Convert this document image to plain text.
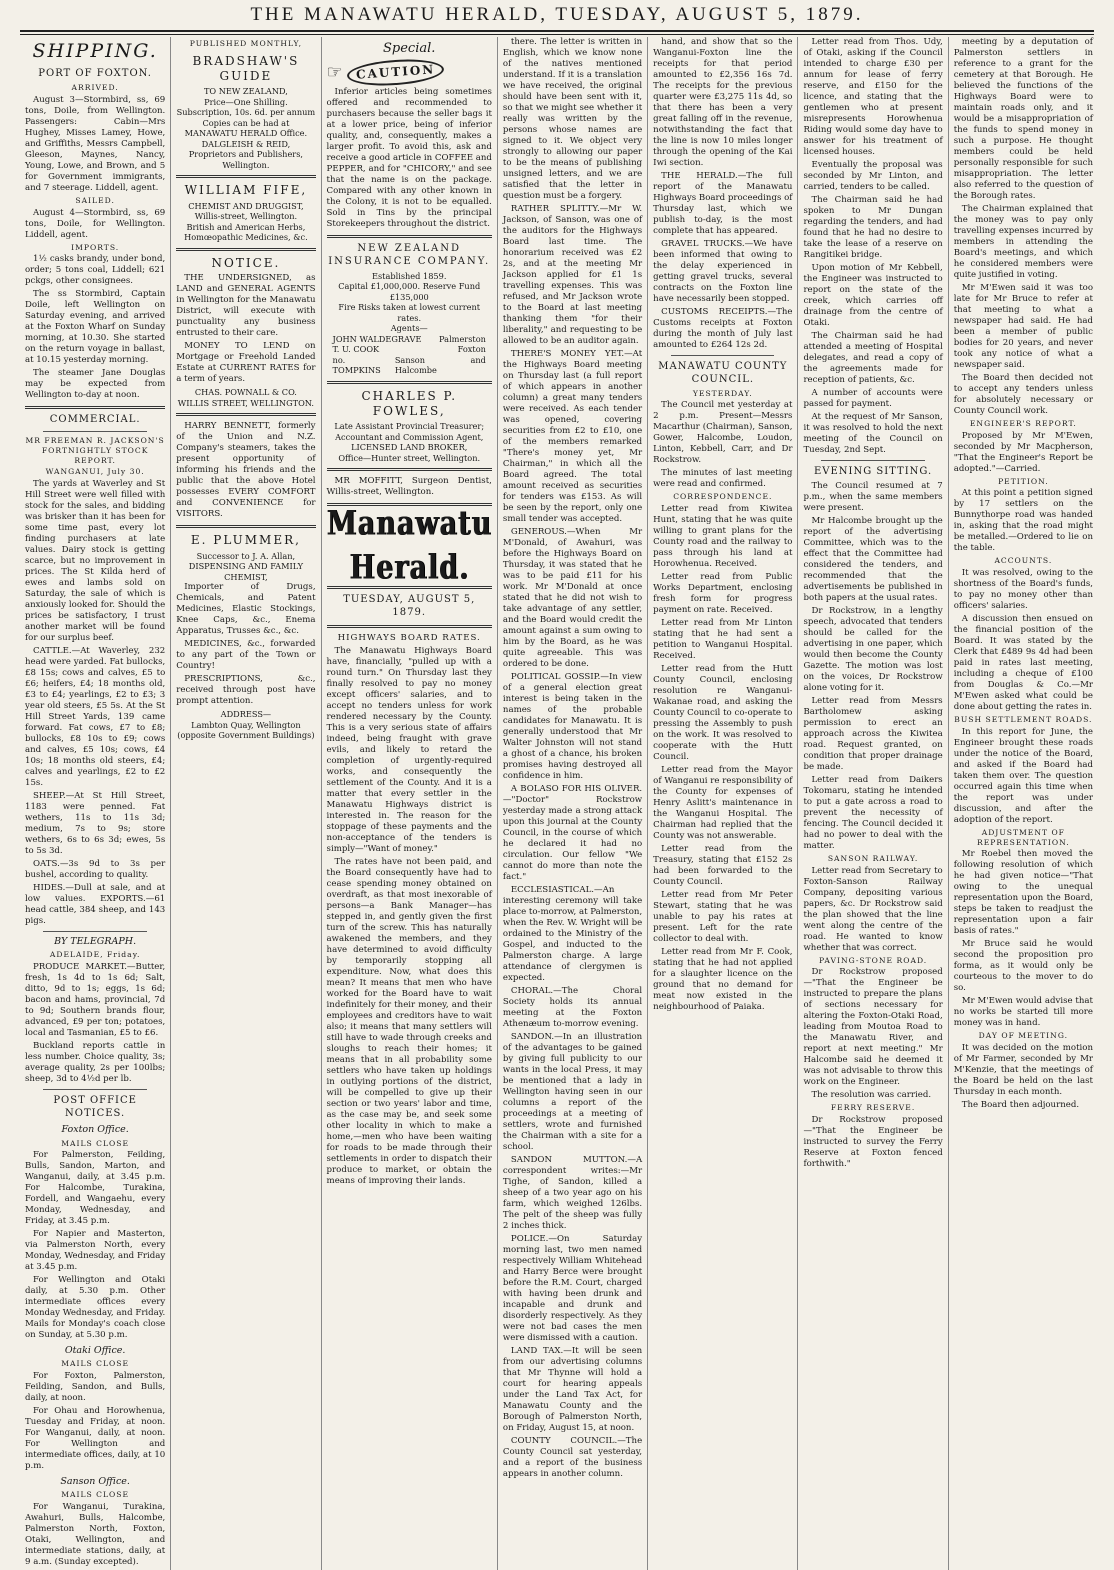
THE MANAWATU HERALD, TUESDAY, AUGUST 5, 1879.
SHIPPING.
PORT OF FOXTON.
ARRIVED.

August 3—Stormbird, ss, 69 tons, Doile, from Wellington. Passengers: Cabin—Mrs Hughey, Misses Lamey, Howe, and Griffiths, Messrs Campbell, Gleeson, Maynes, Nancy, Young, Lowe, and Brown, and 5 for Government immigrants, and 7 steerage. Liddell, agent.

SAILED.

August 4—Stormbird, ss, 69 tons, Doile, for Wellington. Liddell, agent.

IMPORTS.

1½ casks brandy, under bond, order; 5 tons coal, Liddell; 621 pckgs, other consignees.

The ss Stormbird, Captain Doile, left Wellington on Saturday evening, and arrived at the Foxton Wharf on Sunday morning, at 10.30. She started on the return voyage in ballast, at 10.15 yesterday morning.

The steamer Jane Douglas may be expected from Wellington to-day at noon.

COMMERCIAL.
MR FREEMAN R. JACKSON'S FORTNIGHTLY STOCK REPORT.
WANGANUI, July 30.

The yards at Waverley and St Hill Street were well filled with stock for the sales, and bidding was brisker than it has been for some time past, every lot finding purchasers at late values. Dairy stock is getting scarce, but no improvement in prices. The St Kilda herd of ewes and lambs sold on Saturday, the sale of which is anxiously looked for. Should the prices be satisfactory, I trust another market will be found for our surplus beef.

CATTLE.—At Waverley, 232 head were yarded. Fat bullocks, £8 15s; cows and calves, £5 to £6; heifers, £4; 18 months old, £3 to £4; yearlings, £2 to £3; 3 year old steers, £5 5s. At the St Hill Street Yards, 139 came forward. Fat cows, £7 to £8; bullocks, £8 10s to £9; cows and calves, £5 10s; cows, £4 10s; 18 months old steers, £4; calves and yearlings, £2 to £2 15s.

SHEEP.—At St Hill Street, 1183 were penned. Fat wethers, 11s to 11s 3d; medium, 7s to 9s; store wethers, 6s to 6s 3d; ewes, 5s to 5s 3d.

OATS.—3s 9d to 3s per bushel, according to quality.

HIDES.—Dull at sale, and at low values. EXPORTS.—61 head cattle, 384 sheep, and 143 pigs.

BY TELEGRAPH.
ADELAIDE, Friday.

PRODUCE MARKET.—Butter, fresh, 1s 4d to 1s 6d; Salt, ditto, 9d to 1s; eggs, 1s 6d; bacon and hams, provincial, 7d to 9d; Southern brands flour, advanced, £9 per ton; potatoes, local and Tasmanian, £5 to £6.

Buckland reports cattle in less number. Choice quality, 3s; average quality, 2s per 100lbs; sheep, 3d to 4½d per lb.

POST OFFICE NOTICES.
Foxton Office.
MAILS CLOSE

For Palmerston, Feilding, Bulls, Sandon, Marton, and Wanganui, daily, at 3.45 p.m. For Halcombe, Turakina, Fordell, and Wangaehu, every Monday, Wednesday, and Friday, at 3.45 p.m.

For Napier and Masterton, via Palmerston North, every Monday, Wednesday, and Friday at 3.45 p.m.

For Wellington and Otaki daily, at 5.30 p.m. Other intermediate offices every Monday Wednesday, and Friday. Mails for Monday's coach close on Sunday, at 5.30 p.m.

Otaki Office.
MAILS CLOSE

For Foxton, Palmerston, Feilding, Sandon, and Bulls, daily, at noon.

For Ohau and Horowhenua, Tuesday and Friday, at noon. For Wanganui, daily, at noon. For Wellington and intermediate offices, daily, at 10 p.m.

Sanson Office.
MAILS CLOSE

For Wanganui, Turakina, Awahuri, Bulls, Halcombe, Palmerston North, Foxton, Otaki, Wellington, and intermediate stations, daily, at 9 a.m. (Sunday excepted).

PUBLISHED MONTHLY,
BRADSHAW'S GUIDE
TO NEW ZEALAND,
Price—One Shilling.
Subscription, 10s. 6d. per annum
Copies can be had at MANAWATU HERALD Office.
DALGLEISH & REID,
Proprietors and Publishers, Wellington.
WILLIAM FIFE,
CHEMIST AND DRUGGIST,
Willis-street, Wellington.
British and American Herbs, Homœopathic Medicines, &c.
NOTICE.

THE UNDERSIGNED, as LAND and GENERAL AGENTS in Wellington for the Manawatu District, will execute with punctuality any business entrusted to their care.

MONEY TO LEND on Mortgage or Freehold Landed Estate at CURRENT RATES for a term of years.

CHAS. POWNALL & CO.
WILLIS STREET, WELLINGTON.

HARRY BENNETT, formerly of the Union and N.Z. Company's steamers, takes the present opportunity of informing his friends and the public that the above Hotel possesses EVERY COMFORT and CONVENIENCE for VISITORS.

E. PLUMMER,
Successor to J. A. Allan,
DISPENSING AND FAMILY CHEMIST,

Importer of Drugs, Chemicals, and Patent Medicines, Elastic Stockings, Knee Caps, &c., Enema Apparatus, Trusses &c., &c.

MEDICINES, &c., forwarded to any part of the Town or Country!

PRESCRIPTIONS, &c., received through post have prompt attention.

ADDRESS—
Lambton Quay, Wellington (opposite Government Buildings)
Special.
☞	CAUTION

Inferior articles being sometimes offered and recommended to purchasers because the seller bags it at a lower price, being of inferior quality, and, consequently, makes a larger profit. To avoid this, ask and receive a good article in COFFEE and PEPPER, and for "CHICORY," and see that the name is on the package. Compared with any other known in the Colony, it is not to be equalled. Sold in Tins by the principal Storekeepers throughout the district.

NEW ZEALAND INSURANCE COMPANY.
Established 1859.
Capital £1,000,000. Reserve Fund £135,000
Fire Risks taken at lowest current rates.
Agents—
JOHN WALDEGRAVE Palmerston
T. U. COOK	Foxton
no. TOMPKINS
Sanson and Halcombe
CHARLES P. FOWLES,
Late Assistant Provincial Treasurer; Accountant and Commission Agent, LICENSED LAND BROKER,
Office—Hunter street, Wellington.

MR MOFFITT, Surgeon Dentist, Willis-street, Wellington.

Manawatu Herald.
TUESDAY, AUGUST 5, 1879.
HIGHWAYS BOARD RATES.

The Manawatu Highways Board have, financially, "pulled up with a round turn." On Thursday last they finally resolved to pay no money except officers' salaries, and to accept no tenders unless for work rendered necessary by the County. This is a very serious state of affairs indeed, being fraught with grave evils, and likely to retard the completion of urgently-required works, and consequently the settlement of the County. And it is a matter that every settler in the Manawatu Highways district is interested in. The reason for the stoppage of these payments and the non-acceptance of the tenders is simply—"Want of money."

The rates have not been paid, and the Board consequently have had to cease spending money obtained on overdraft, as that most inexorable of persons—a Bank Manager—has stepped in, and gently given the first turn of the screw. This has naturally awakened the members, and they have determined to avoid difficulty by temporarily stopping all expenditure. Now, what does this mean? It means that men who have worked for the Board have to wait indefinitely for their money, and their employees and creditors have to wait also; it means that many settlers will still have to wade through creeks and sloughs to reach their homes; it means that in all probability some settlers who have taken up holdings in outlying portions of the district, will be compelled to give up their section or two years' labor and time, as the case may be, and seek some other locality in which to make a home,—men who have been waiting for roads to be made through their settlements in order to dispatch their produce to market, or obtain the means of improving their lands.

there. The letter is written in English, which we know none of the natives mentioned understand. If it is a translation we have received, the original should have been sent with it, so that we might see whether it really was written by the persons whose names are signed to it. We object very strongly to allowing our paper to be the means of publishing unsigned letters, and we are satisfied that the letter in question must be a forgery.

RATHER SPLITTY.—Mr W. Jackson, of Sanson, was one of the auditors for the Highways Board last time. The honorarium received was £2 2s, and at the meeting Mr Jackson applied for £1 1s travelling expenses. This was refused, and Mr Jackson wrote to the Board at last meeting thanking them "for their liberality," and requesting to be allowed to be an auditor again.

THERE'S MONEY YET.—At the Highways Board meeting on Thursday last (a full report of which appears in another column) a great many tenders were received. As each tender was opened, covering securities from £2 to £10, one of the members remarked "There's money yet, Mr Chairman," in which all the Board agreed. The total amount received as securities for tenders was £153. As will be seen by the report, only one small tender was accepted.

GENEROUS.—When Mr M'Donald, of Awahuri, was before the Highways Board on Thursday, it was stated that he was to be paid £11 for his work. Mr M'Donald at once stated that he did not wish to take advantage of any settler, and the Board would credit the amount against a sum owing to him by the Board, as he was quite agreeable. This was ordered to be done.

POLITICAL GOSSIP.—In view of a general election great interest is being taken in the names of the probable candidates for Manawatu. It is generally understood that Mr Walter Johnston will not stand a ghost of a chance, his broken promises having destroyed all confidence in him.

A BOLASO FOR HIS OLIVER.—"Doctor" Rockstrow yesterday made a strong attack upon this journal at the County Council, in the course of which he declared it had no circulation. Our fellow "We cannot do more than note the fact."

ECCLESIASTICAL.—An interesting ceremony will take place to-morrow, at Palmerston, when the Rev. W. Wright will be ordained to the Ministry of the Gospel, and inducted to the Palmerston charge. A large attendance of clergymen is expected.

CHORAL.—The Choral Society holds its annual meeting at the Foxton Athenæum to-morrow evening.

SANDON.—In an illustration of the advantages to be gained by giving full publicity to our wants in the local Press, it may be mentioned that a lady in Wellington having seen in our columns a report of the proceedings at a meeting of settlers, wrote and furnished the Chairman with a site for a school.

SANDON MUTTON.—A correspondent writes:—Mr Tighe, of Sandon, killed a sheep of a two year ago on his farm, which weighed 126lbs. The pelt of the sheep was fully 2 inches thick.

POLICE.—On Saturday morning last, two men named respectively William Whitehead and Harry Berce were brought before the R.M. Court, charged with having been drunk and incapable and drunk and disorderly respectively. As they were not bad cases the men were dismissed with a caution.

LAND TAX.—It will be seen from our advertising columns that Mr Thynne will hold a court for hearing appeals under the Land Tax Act, for Manawatu County and the Borough of Palmerston North, on Friday, August 15, at noon.

COUNTY COUNCIL.—The County Council sat yesterday, and a report of the business appears in another column.

hand, and show that so the Wanganui-Foxton line the receipts for that period amounted to £2,356 16s 7d. The receipts for the previous quarter were £3,275 11s 4d, so that there has been a very great falling off in the revenue, notwithstanding the fact that the line is now 10 miles longer through the opening of the Kai Iwi section.

THE HERALD.—The full report of the Manawatu Highways Board proceedings of Thursday last, which we publish to-day, is the most complete that has appeared.

GRAVEL TRUCKS.—We have been informed that owing to the delay experienced in getting gravel trucks, several contracts on the Foxton line have necessarily been stopped.

CUSTOMS RECEIPTS.—The Customs receipts at Foxton during the month of July last amounted to £264 12s 2d.

MANAWATU COUNTY COUNCIL.
YESTERDAY.

The Council met yesterday at 2 p.m. Present—Messrs Macarthur (Chairman), Sanson, Gower, Halcombe, Loudon, Linton, Kebbell, Carr, and Dr Rockstrow.

The minutes of last meeting were read and confirmed.

CORRESPONDENCE.

Letter read from Kiwitea Hunt, stating that he was quite willing to grant plans for the County road and the railway to pass through his land at Horowhenua. Received.

Letter read from Public Works Department, enclosing fresh form for progress payment on rate. Received.

Letter read from Mr Linton stating that he had sent a petition to Wanganui Hospital. Received.

Letter read from the Hutt County Council, enclosing resolution re Wanganui-Wakanae road, and asking the County Council to co-operate to pressing the Assembly to push on the work. It was resolved to cooperate with the Hutt Council.

Letter read from the Mayor of Wanganui re responsibility of the County for expenses of Henry Aslitt's maintenance in the Wanganui Hospital. The Chairman had replied that the County was not answerable.

Letter read from the Treasury, stating that £152 2s had been forwarded to the County Council.

Letter read from Mr Peter Stewart, stating that he was unable to pay his rates at present. Left for the rate collector to deal with.

Letter read from Mr F. Cook, stating that he had not applied for a slaughter licence on the ground that no demand for meat now existed in the neighbourhood of Paiaka.

Letter read from Thos. Udy, of Otaki, asking if the Council intended to charge £30 per annum for lease of ferry reserve, and £150 for the licence, and stating that the gentlemen who at present misrepresents Horowhenua Riding would some day have to answer for his treatment of licensed houses.

Eventually the proposal was seconded by Mr Linton, and carried, tenders to be called.

The Chairman said he had spoken to Mr Dungan regarding the tenders, and had found that he had no desire to take the lease of a reserve on Rangitikei bridge.

Upon motion of Mr Kebbell, the Engineer was instructed to report on the state of the creek, which carries off drainage from the centre of Otaki.

The Chairman said he had attended a meeting of Hospital delegates, and read a copy of the agreements made for reception of patients, &c.

A number of accounts were passed for payment.

At the request of Mr Sanson, it was resolved to hold the next meeting of the Council on Tuesday, 2nd Sept.

EVENING SITTING.

The Council resumed at 7 p.m., when the same members were present.

Mr Halcombe brought up the report of the advertising Committee, which was to the effect that the Committee had considered the tenders, and recommended that the advertisements be published in both papers at the usual rates.

Dr Rockstrow, in a lengthy speech, advocated that tenders should be called for the advertising in one paper, which would then become the County Gazette. The motion was lost on the voices, Dr Rockstrow alone voting for it.

Letter read from Messrs Bartholomew asking permission to erect an approach across the Kiwitea road. Request granted, on condition that proper drainage be made.

Letter read from Daikers Tokomaru, stating he intended to put a gate across a road to prevent the necessity of fencing. The Council decided it had no power to deal with the matter.

SANSON RAILWAY.

Letter read from Secretary to Foxton-Sanson Railway Company, depositing various papers, &c. Dr Rockstrow said the plan showed that the line went along the centre of the road. He wanted to know whether that was correct.

PAVING-STONE ROAD.

Dr Rockstrow proposed—"That the Engineer be instructed to prepare the plans of sections necessary for altering the Foxton-Otaki Road, leading from Moutoa Road to the Manawatu River, and report at next meeting." Mr Halcombe said he deemed it was not advisable to throw this work on the Engineer.

The resolution was carried.

FERRY RESERVE.

Dr Rockstrow proposed—"That the Engineer be instructed to survey the Ferry Reserve at Foxton fenced forthwith."

meeting by a deputation of Palmerston settlers in reference to a grant for the cemetery at that Borough. He believed the functions of the Highways Board were to maintain roads only, and it would be a misappropriation of the funds to spend money in such a purpose. He thought members could be held personally responsible for such misappropriation. The letter also referred to the question of the Borough rates.

The Chairman explained that the money was to pay only travelling expenses incurred by members in attending the Board's meetings, and which he considered members were quite justified in voting.

Mr M'Ewen said it was too late for Mr Bruce to refer at that meeting to what a newspaper had said. He had been a member of public bodies for 20 years, and never took any notice of what a newspaper said.

The Board then decided not to accept any tenders unless for absolutely necessary or County Council work.

ENGINEER'S REPORT.

Proposed by Mr M'Ewen, seconded by Mr Macpherson, "That the Engineer's Report be adopted."—Carried.

PETITION.

At this point a petition signed by 17 settlers on the Bunnythorpe road was handed in, asking that the road might be metalled.—Ordered to lie on the table.

ACCOUNTS.

It was resolved, owing to the shortness of the Board's funds, to pay no money other than officers' salaries.

A discussion then ensued on the financial position of the Board. It was stated by the Clerk that £489 9s 4d had been paid in rates last meeting, including a cheque of £100 from Douglas & Co.—Mr M'Ewen asked what could be done about getting the rates in.

BUSH SETTLEMENT ROADS.

In this report for June, the Engineer brought these roads under the notice of the Board, and asked if the Board had taken them over. The question occurred again this time when the report was under discussion, and after the adoption of the report.

ADJUSTMENT OF REPRESENTATION.

Mr Roebel then moved the following resolution of which he had given notice—"That owing to the unequal representation upon the Board, steps be taken to readjust the representation upon a fair basis of rates."

Mr Bruce said he would second the proposition pro forma, as it would only be courteous to the mover to do so.

Mr M'Ewen would advise that no works be started till more money was in hand.

DAY OF MEETING.

It was decided on the motion of Mr Farmer, seconded by Mr M'Kenzie, that the meetings of the Board be held on the last Thursday in each month.

The Board then adjourned.
